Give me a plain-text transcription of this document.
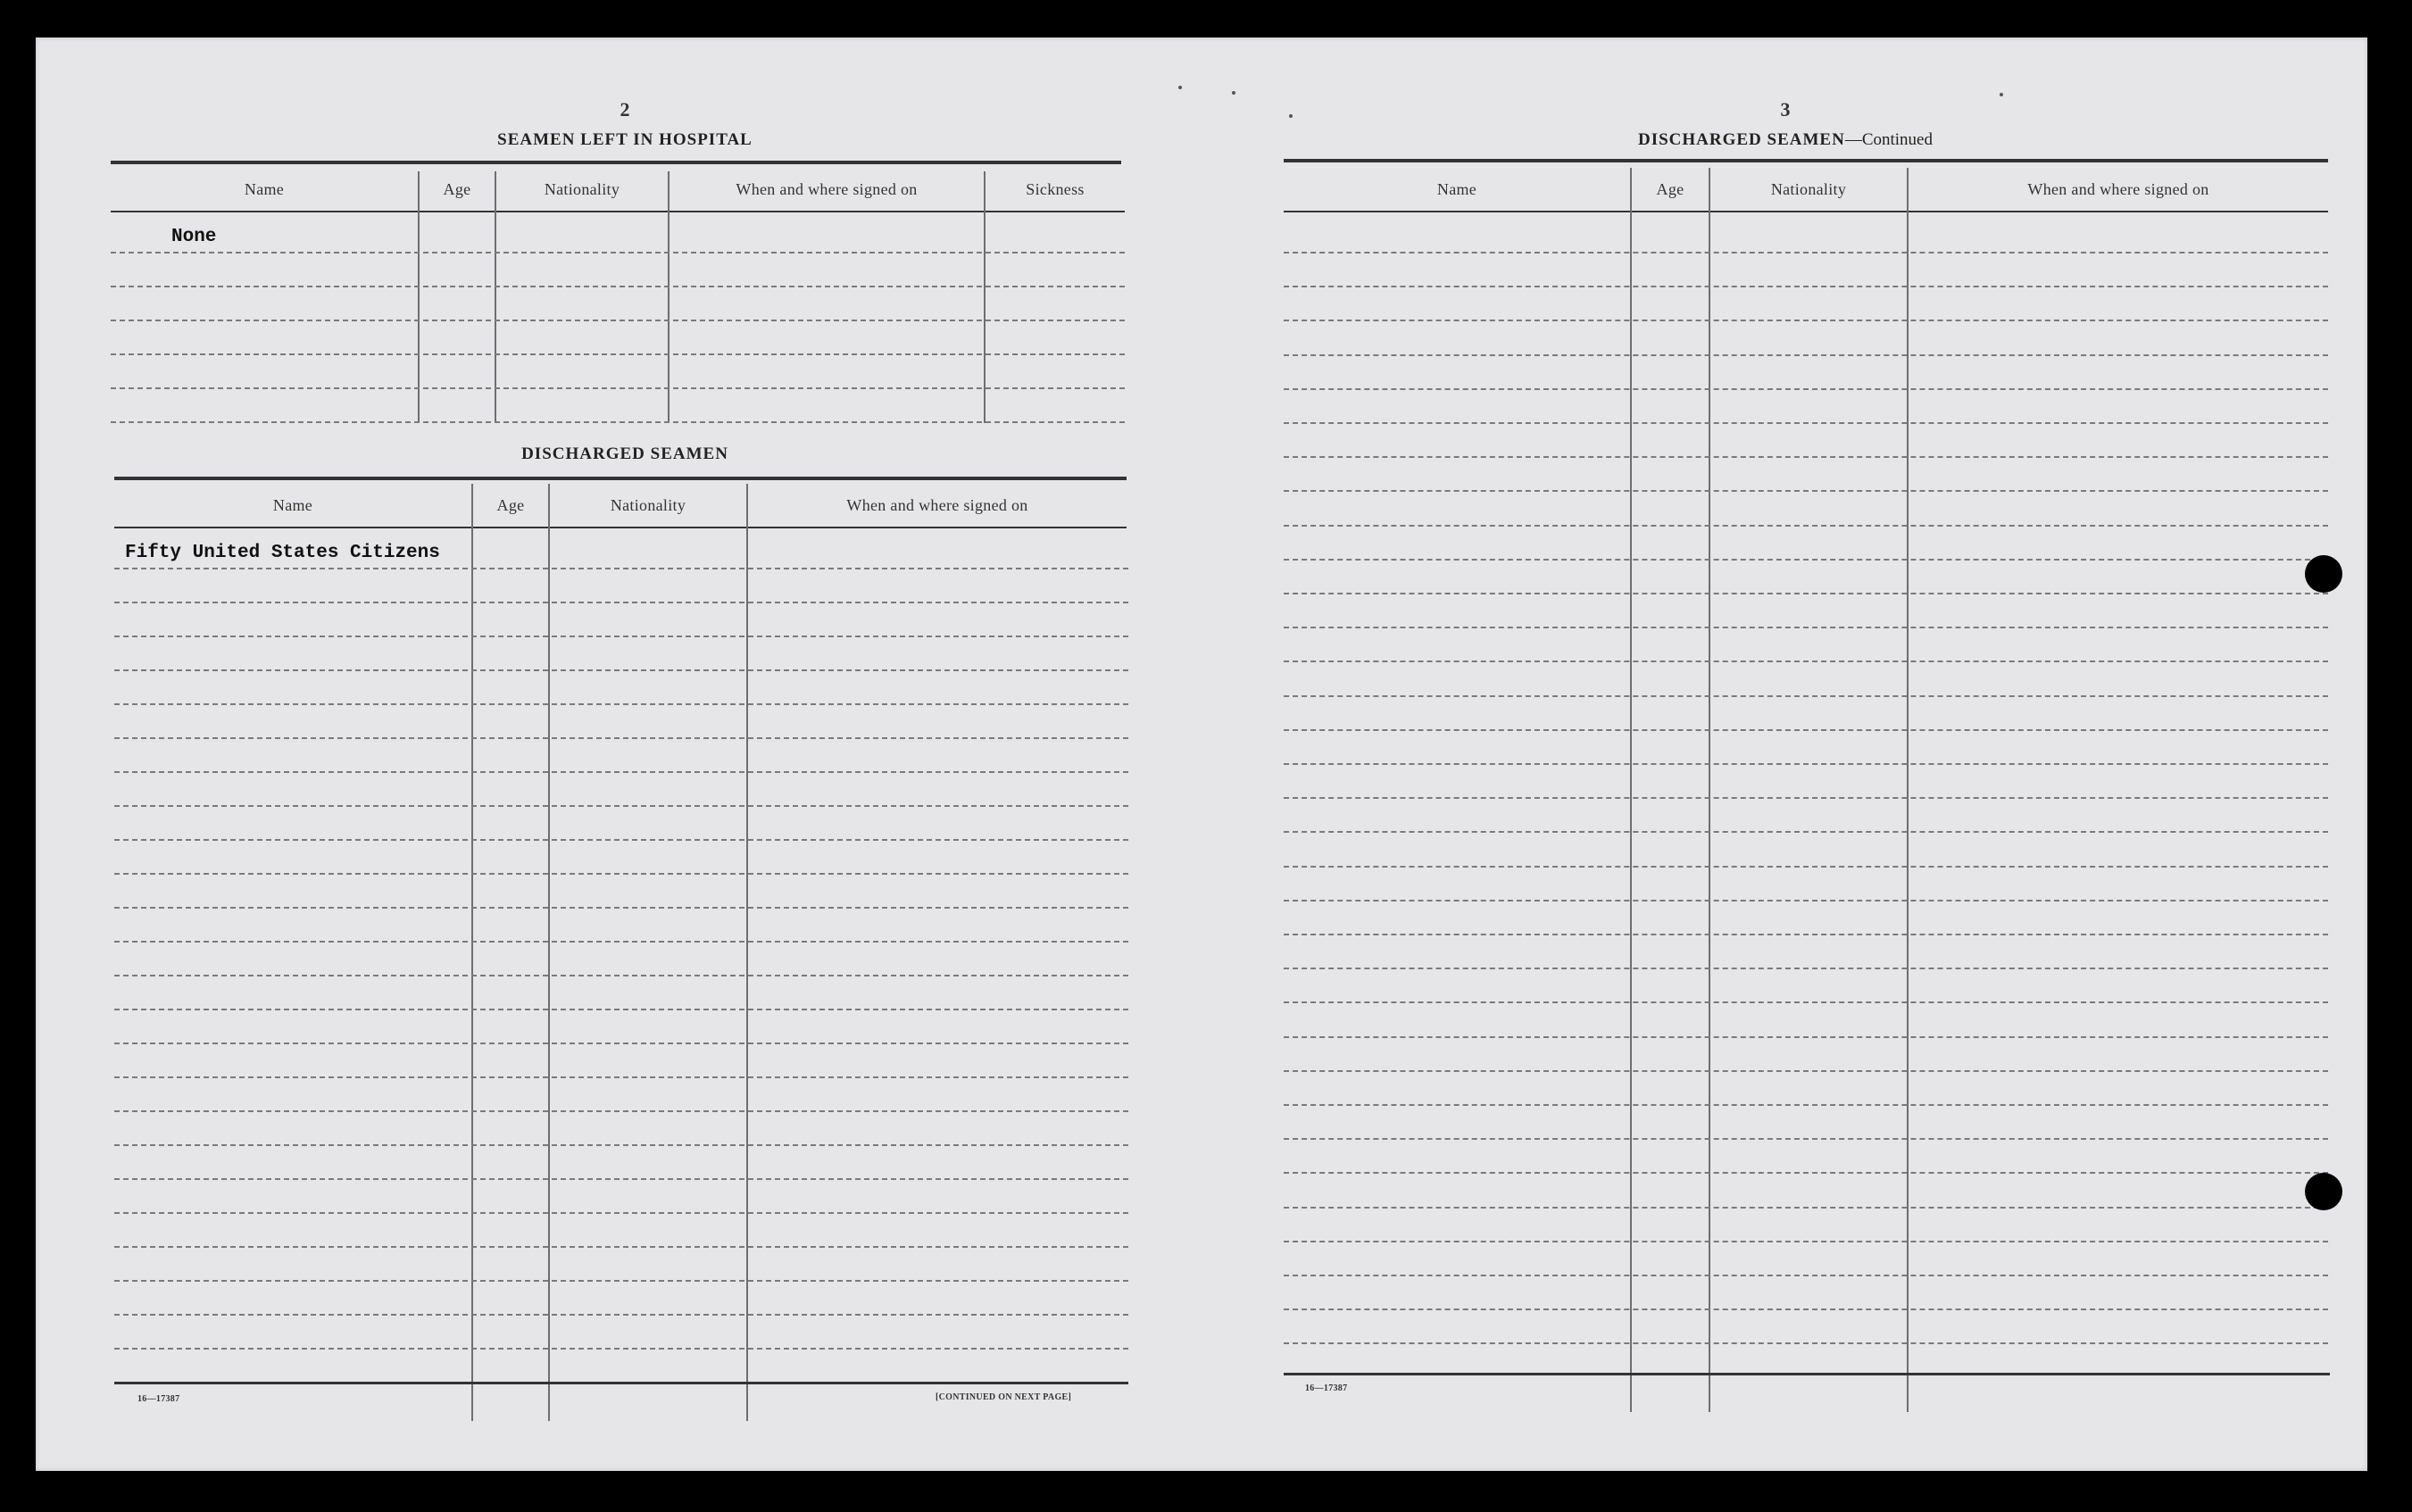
2
SEAMEN LEFT IN HOSPITAL
Name	Age	Nationality	When and where signed on	Sickness
None
DISCHARGED SEAMEN
Name	Age	Nationality	When and where signed on
Fifty United States Citizens
16—17387	[CONTINUED ON NEXT PAGE]
3
DISCHARGED SEAMEN—Continued
Name	Age	Nationality	When and where signed on
16—17387
